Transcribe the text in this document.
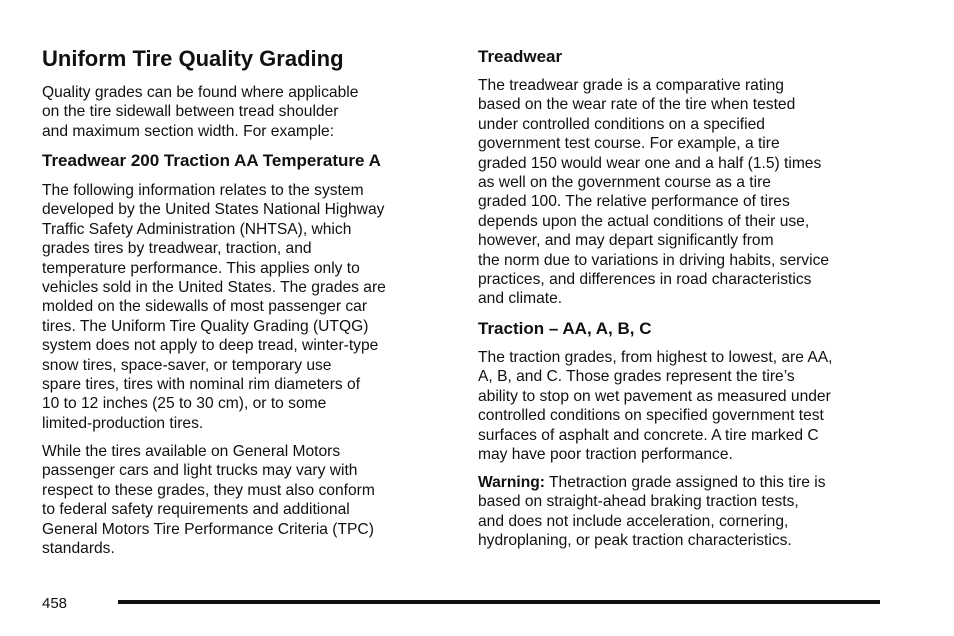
Uniform Tire Quality Grading
Quality grades can be found where applicable
on the tire sidewall between tread shoulder
and maximum section width. For example:
Treadwear 200 Traction AA Temperature A
The following information relates to the system
developed by the United States National Highway
Traffic Safety Administration (NHTSA), which
grades tires by treadwear, traction, and
temperature performance. This applies only to
vehicles sold in the United States. The grades are
molded on the sidewalls of most passenger car
tires. The Uniform Tire Quality Grading (UTQG)
system does not apply to deep tread, winter-type
snow tires, space-saver, or temporary use
spare tires, tires with nominal rim diameters of
10 to 12 inches (25 to 30 cm), or to some
limited-production tires.
While the tires available on General Motors
passenger cars and light trucks may vary with
respect to these grades, they must also conform
to federal safety requirements and additional
General Motors Tire Performance Criteria (TPC)
standards.
Treadwear
The treadwear grade is a comparative rating
based on the wear rate of the tire when tested
under controlled conditions on a specified
government test course. For example, a tire
graded 150 would wear one and a half (1.5) times
as well on the government course as a tire
graded 100. The relative performance of tires
depends upon the actual conditions of their use,
however, and may depart significantly from
the norm due to variations in driving habits, service
practices, and differences in road characteristics
and climate.
Traction – AA, A, B, C
The traction grades, from highest to lowest, are AA,
A, B, and C. Those grades represent the tire’s
ability to stop on wet pavement as measured under
controlled conditions on specified government test
surfaces of asphalt and concrete. A tire marked C
may have poor traction performance.
Warning: Thetraction grade assigned to this tire is
based on straight-ahead braking traction tests,
and does not include acceleration, cornering,
hydroplaning, or peak traction characteristics.
458
